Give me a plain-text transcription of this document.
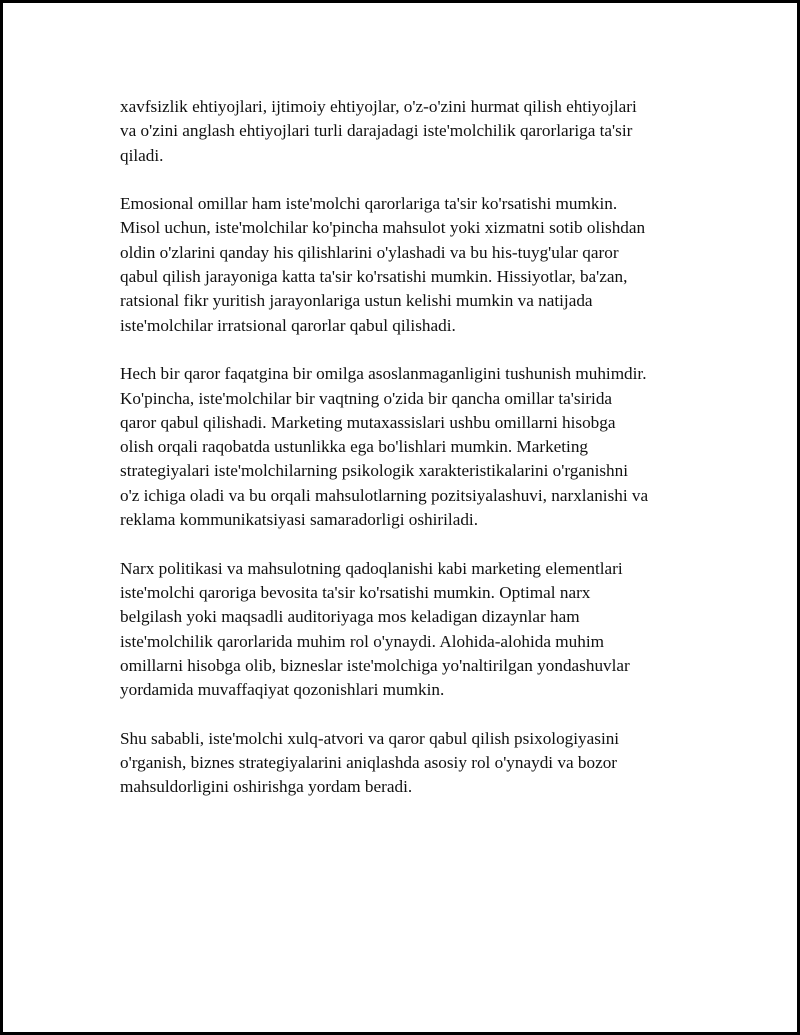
xavfsizlik ehtiyojlari, ijtimoiy ehtiyojlar, o'z-o'zini hurmat qilish ehtiyojlari
va o'zini anglash ehtiyojlari turli darajadagi iste'molchilik qarorlariga ta'sir
qiladi.

Emosional omillar ham iste'molchi qarorlariga ta'sir ko'rsatishi mumkin.
Misol uchun, iste'molchilar ko'pincha mahsulot yoki xizmatni sotib olishdan
oldin o'zlarini qanday his qilishlarini o'ylashadi va bu his-tuyg'ular qaror
qabul qilish jarayoniga katta ta'sir ko'rsatishi mumkin. Hissiyotlar, ba'zan,
ratsional fikr yuritish jarayonlariga ustun kelishi mumkin va natijada
iste'molchilar irratsional qarorlar qabul qilishadi.

Hech bir qaror faqatgina bir omilga asoslanmaganligini tushunish muhimdir.
Ko'pincha, iste'molchilar bir vaqtning o'zida bir qancha omillar ta'sirida
qaror qabul qilishadi. Marketing mutaxassislari ushbu omillarni hisobga
olish orqali raqobatda ustunlikka ega bo'lishlari mumkin. Marketing
strategiyalari iste'molchilarning psikologik xarakteristikalarini o'rganishni
o'z ichiga oladi va bu orqali mahsulotlarning pozitsiyalashuvi, narxlanishi va
reklama kommunikatsiyasi samaradorligi oshiriladi.

Narx politikasi va mahsulotning qadoqlanishi kabi marketing elementlari
iste'molchi qaroriga bevosita ta'sir ko'rsatishi mumkin. Optimal narx
belgilash yoki maqsadli auditoriyaga mos keladigan dizaynlar ham
iste'molchilik qarorlarida muhim rol o'ynaydi. Alohida-alohida muhim
omillarni hisobga olib, bizneslar iste'molchiga yo'naltirilgan yondashuvlar
yordamida muvaffaqiyat qozonishlari mumkin.

Shu sababli, iste'molchi xulq-atvori va qaror qabul qilish psixologiyasini
o'rganish, biznes strategiyalarini aniqlashda asosiy rol o'ynaydi va bozor
mahsuldorligini oshirishga yordam beradi.
